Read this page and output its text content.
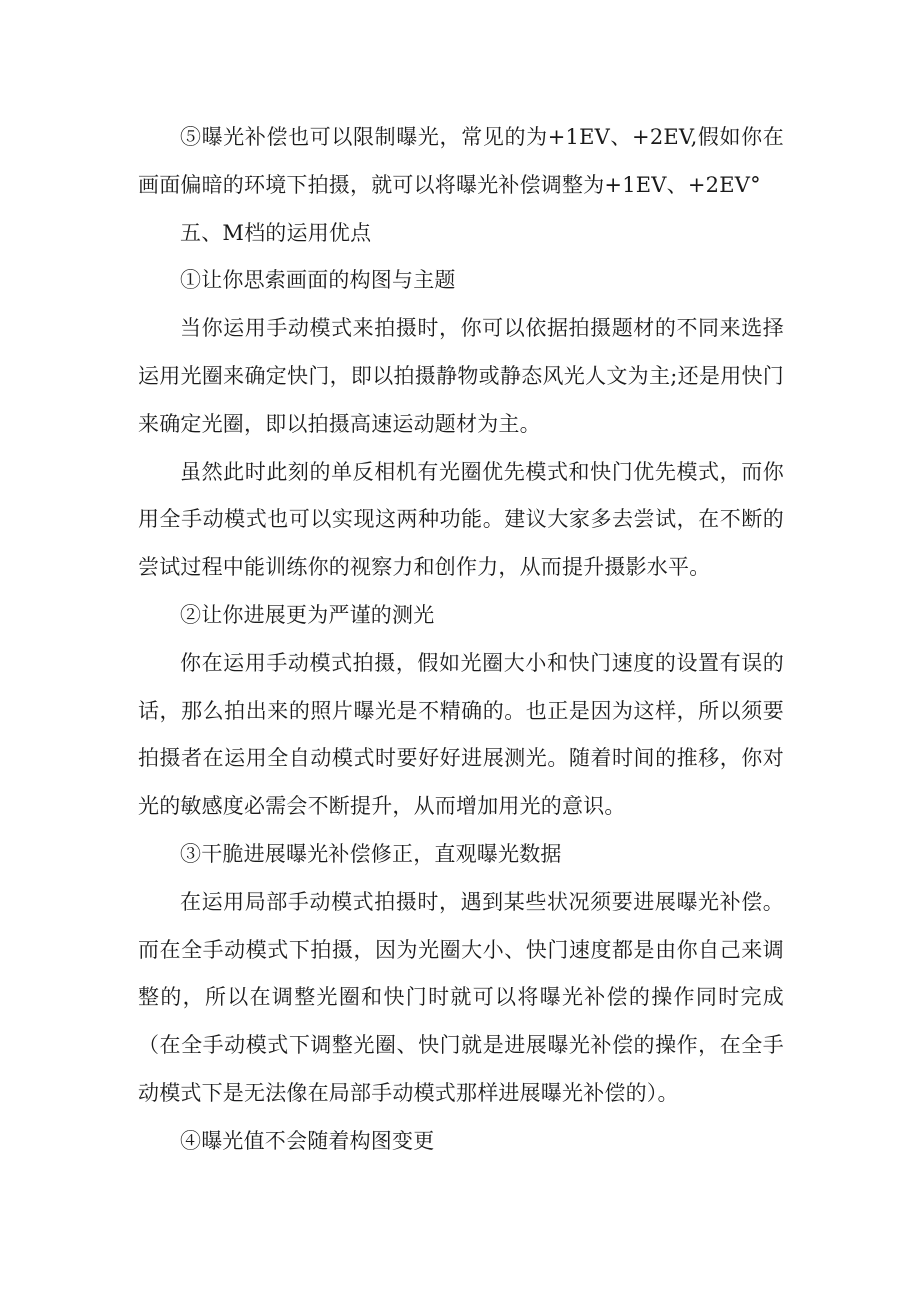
⑤曝光补偿也可以限制曝光，常见的为+1EV、+2EV,假如你在画面偏暗的环境下拍摄，就可以将曝光补偿调整为+1EV、+2EV°

五、M档的运用优点

①让你思索画面的构图与主题

当你运用手动模式来拍摄时，你可以依据拍摄题材的不同来选择运用光圈来确定快门，即以拍摄静物或静态风光人文为主;还是用快门来确定光圈，即以拍摄高速运动题材为主。

虽然此时此刻的单反相机有光圈优先模式和快门优先模式，而你用全手动模式也可以实现这两种功能。建议大家多去尝试，在不断的尝试过程中能训练你的视察力和创作力，从而提升摄影水平。

②让你进展更为严谨的测光

你在运用手动模式拍摄，假如光圈大小和快门速度的设置有误的话，那么拍出来的照片曝光是不精确的。也正是因为这样，所以须要拍摄者在运用全自动模式时要好好进展测光。随着时间的推移，你对光的敏感度必需会不断提升，从而增加用光的意识。

③干脆进展曝光补偿修正，直观曝光数据

在运用局部手动模式拍摄时，遇到某些状况须要进展曝光补偿。而在全手动模式下拍摄，因为光圈大小、快门速度都是由你自己来调整的，所以在调整光圈和快门时就可以将曝光补偿的操作同时完成（在全手动模式下调整光圈、快门就是进展曝光补偿的操作，在全手动模式下是无法像在局部手动模式那样进展曝光补偿的）。

④曝光值不会随着构图变更
